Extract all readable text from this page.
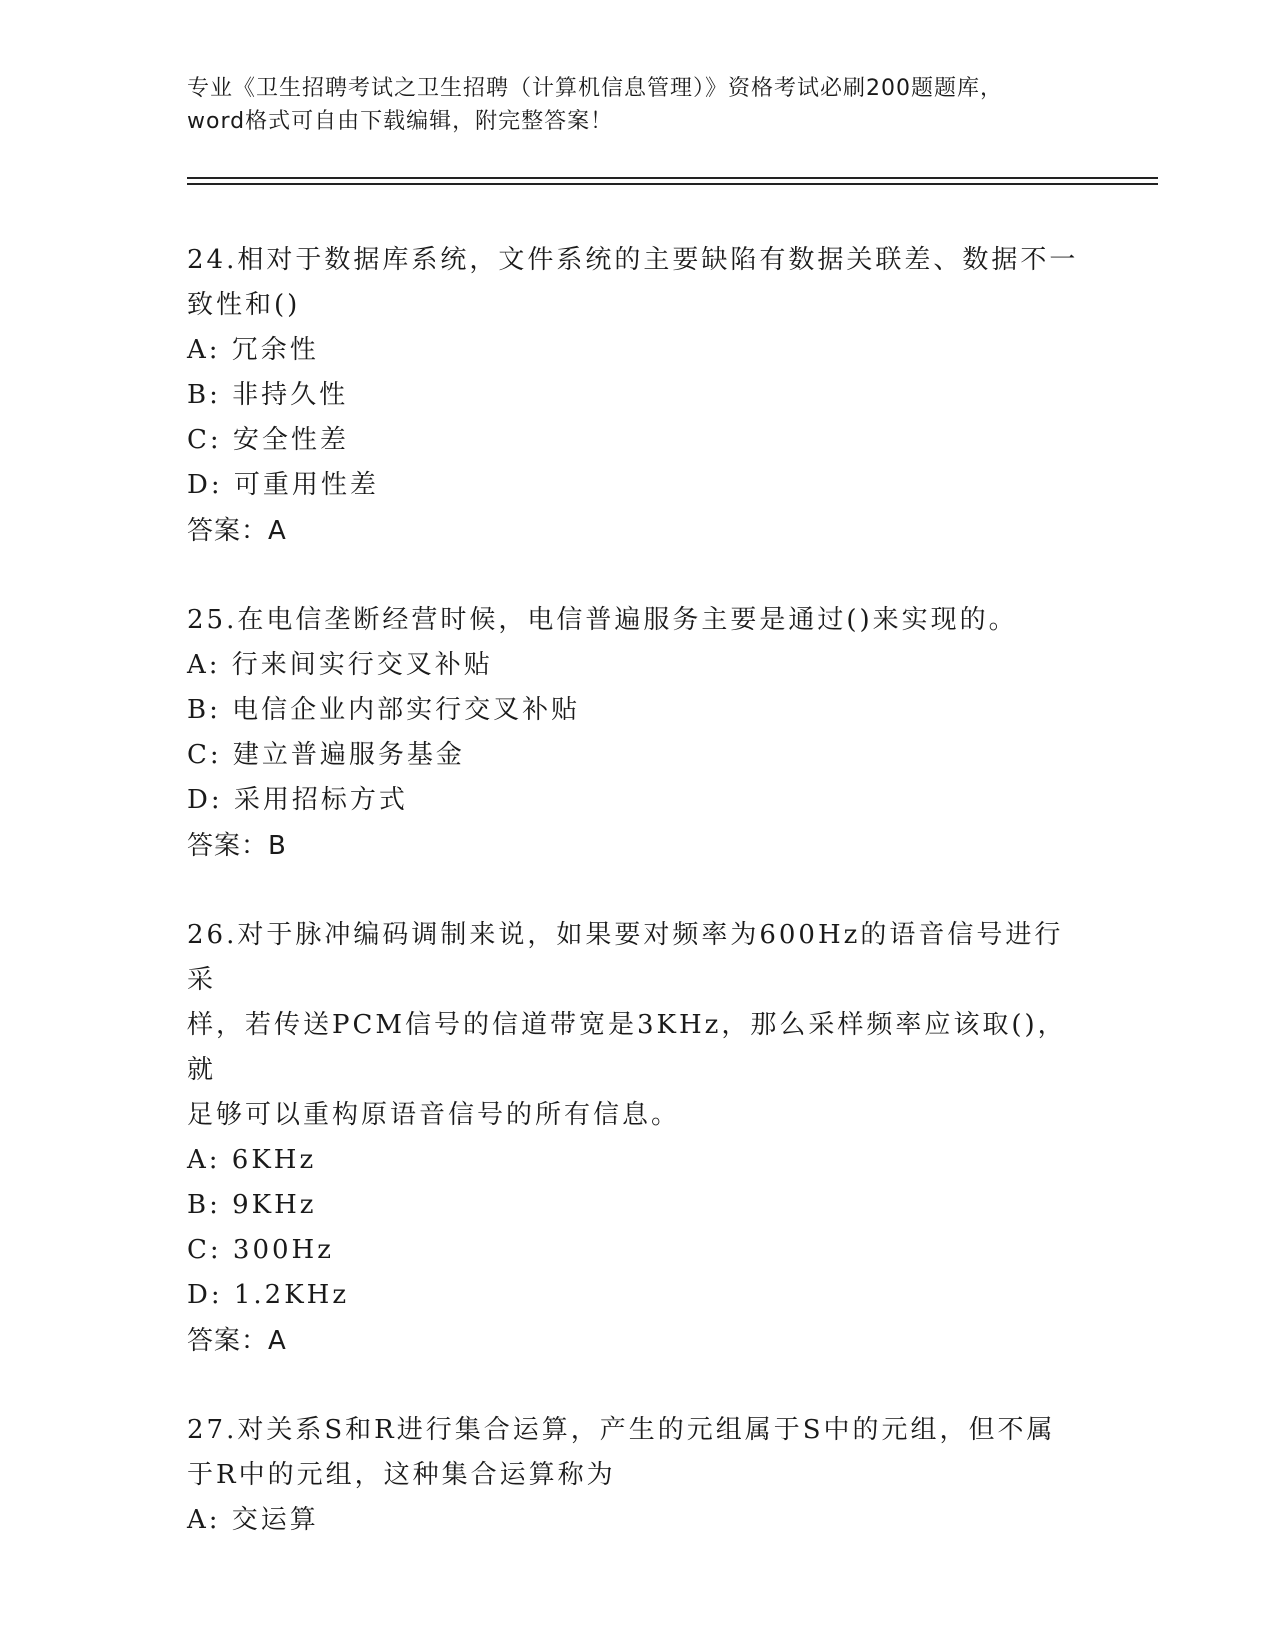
专业《卫生招聘考试之卫生招聘（计算机信息管理）》资格考试必刷200题题库，
word格式可自由下载编辑，附完整答案！
24.相对于数据库系统，文件系统的主要缺陷有数据关联差、数据不一
致性和()
A: 冗余性
B: 非持久性
C: 安全性差
D: 可重用性差
答案：A
25.在电信垄断经营时候，电信普遍服务主要是通过()来实现的。
A: 行来间实行交叉补贴
B: 电信企业内部实行交叉补贴
C: 建立普遍服务基金
D: 采用招标方式
答案：B
26.对于脉冲编码调制来说，如果要对频率为600Hz的语音信号进行采
样，若传送PCM信号的信道带宽是3KHz，那么采样频率应该取()，就
足够可以重构原语音信号的所有信息。
A: 6KHz
B: 9KHz
C: 300Hz
D: 1.2KHz
答案：A
27.对关系S和R进行集合运算，产生的元组属于S中的元组，但不属
于R中的元组，这种集合运算称为
A: 交运算
